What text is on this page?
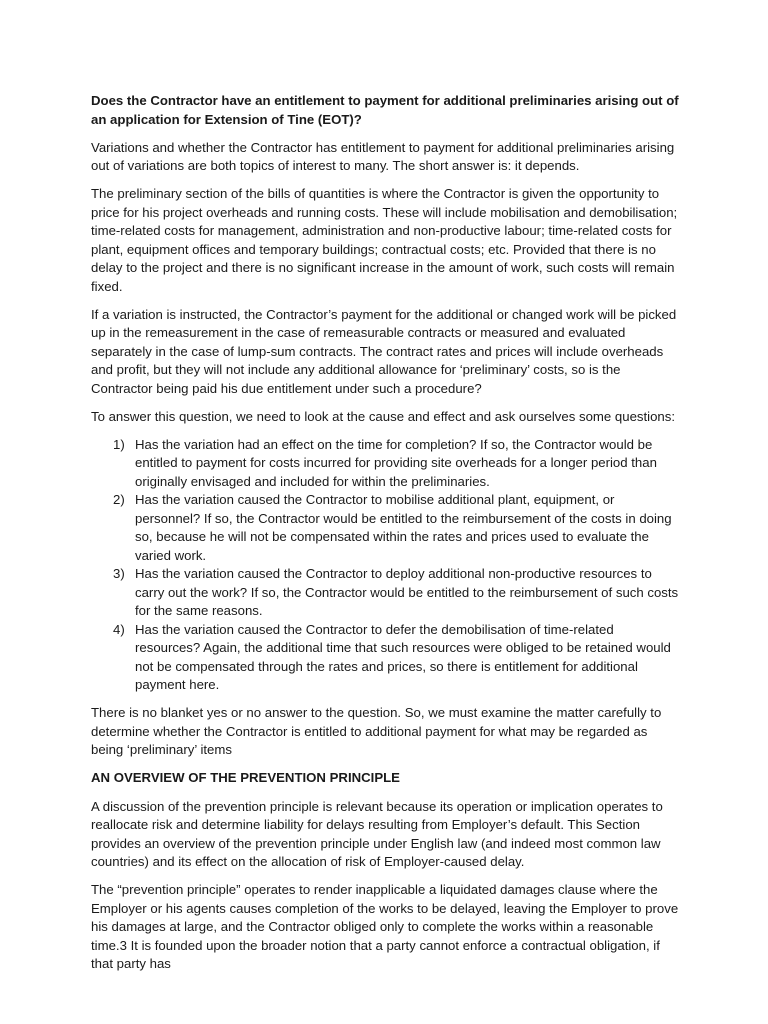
Does the Contractor have an entitlement to payment for additional preliminaries arising out of an application for Extension of Tine (EOT)?

Variations and whether the Contractor has entitlement to payment for additional preliminaries arising out of variations are both topics of interest to many. The short answer is: it depends.

The preliminary section of the bills of quantities is where the Contractor is given the opportunity to price for his project overheads and running costs. These will include mobilisation and demobilisation; time-related costs for management, administration and non-productive labour; time-related costs for plant, equipment offices and temporary buildings; contractual costs; etc. Provided that there is no delay to the project and there is no significant increase in the amount of work, such costs will remain fixed.

If a variation is instructed, the Contractor’s payment for the additional or changed work will be picked up in the remeasurement in the case of remeasurable contracts or measured and evaluated separately in the case of lump-sum contracts. The contract rates and prices will include overheads and profit, but they will not include any additional allowance for ‘preliminary’ costs, so is the Contractor being paid his due entitlement under such a procedure?

To answer this question, we need to look at the cause and effect and ask ourselves some questions:

1) Has the variation had an effect on the time for completion? If so, the Contractor would be entitled to payment for costs incurred for providing site overheads for a longer period than originally envisaged and included for within the preliminaries.
2) Has the variation caused the Contractor to mobilise additional plant, equipment, or personnel? If so, the Contractor would be entitled to the reimbursement of the costs in doing so, because he will not be compensated within the rates and prices used to evaluate the varied work.
3) Has the variation caused the Contractor to deploy additional non-productive resources to carry out the work? If so, the Contractor would be entitled to the reimbursement of such costs for the same reasons.
4) Has the variation caused the Contractor to defer the demobilisation of time-related resources? Again, the additional time that such resources were obliged to be retained would not be compensated through the rates and prices, so there is entitlement for additional payment here.

There is no blanket yes or no answer to the question. So, we must examine the matter carefully to determine whether the Contractor is entitled to additional payment for what may be regarded as being ‘preliminary’ items

AN OVERVIEW OF THE PREVENTION PRINCIPLE

A discussion of the prevention principle is relevant because its operation or implication operates to reallocate risk and determine liability for delays resulting from Employer’s default. This Section provides an overview of the prevention principle under English law (and indeed most common law countries) and its effect on the allocation of risk of Employer-caused delay.

The “prevention principle” operates to render inapplicable a liquidated damages clause where the Employer or his agents causes completion of the works to be delayed, leaving the Employer to prove his damages at large, and the Contractor obliged only to complete the works within a reasonable time.3 It is founded upon the broader notion that a party cannot enforce a contractual obligation, if that party has
